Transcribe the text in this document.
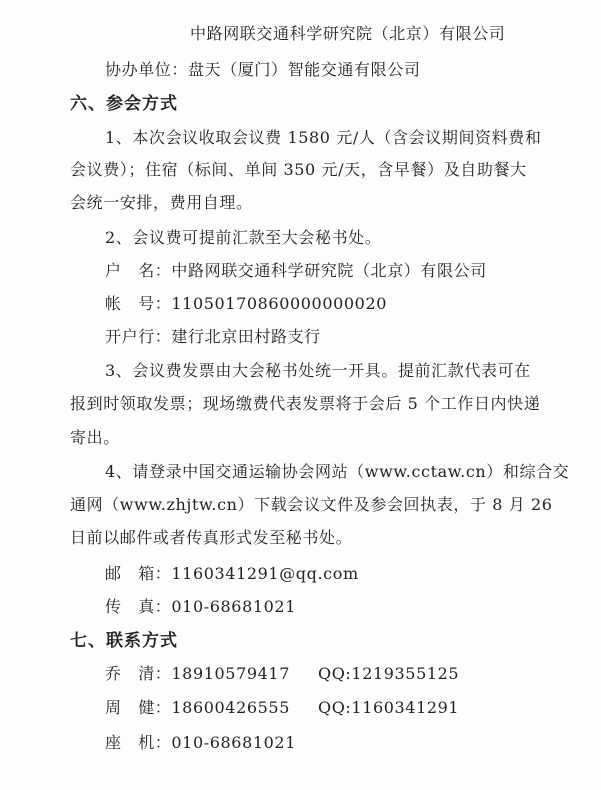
中路网联交通科学研究院（北京）有限公司
协办单位：盘天（厦门）智能交通有限公司
六、参会方式
1、本次会议收取会议费 1580 元/人（含会议期间资料费和
会议费）；住宿（标间、单间 350 元/天，含早餐）及自助餐大
会统一安排，费用自理。
2、会议费可提前汇款至大会秘书处。
户　名：中路网联交通科学研究院（北京）有限公司
帐　号：11050170860000000020
开户行：建行北京田村路支行
3、会议费发票由大会秘书处统一开具。提前汇款代表可在
报到时领取发票；现场缴费代表发票将于会后 5 个工作日内快递
寄出。
4、请登录中国交通运输协会网站（www.cctaw.cn）和综合交
通网（www.zhjtw.cn）下载会议文件及参会回执表，于 8 月 26
日前以邮件或者传真形式发至秘书处。
邮　箱：1160341291@qq.com
传　真：010-68681021
七、联系方式
乔　清：18910579417 QQ:1219355125
周　健：18600426555 QQ:1160341291
座　机：010-68681021
